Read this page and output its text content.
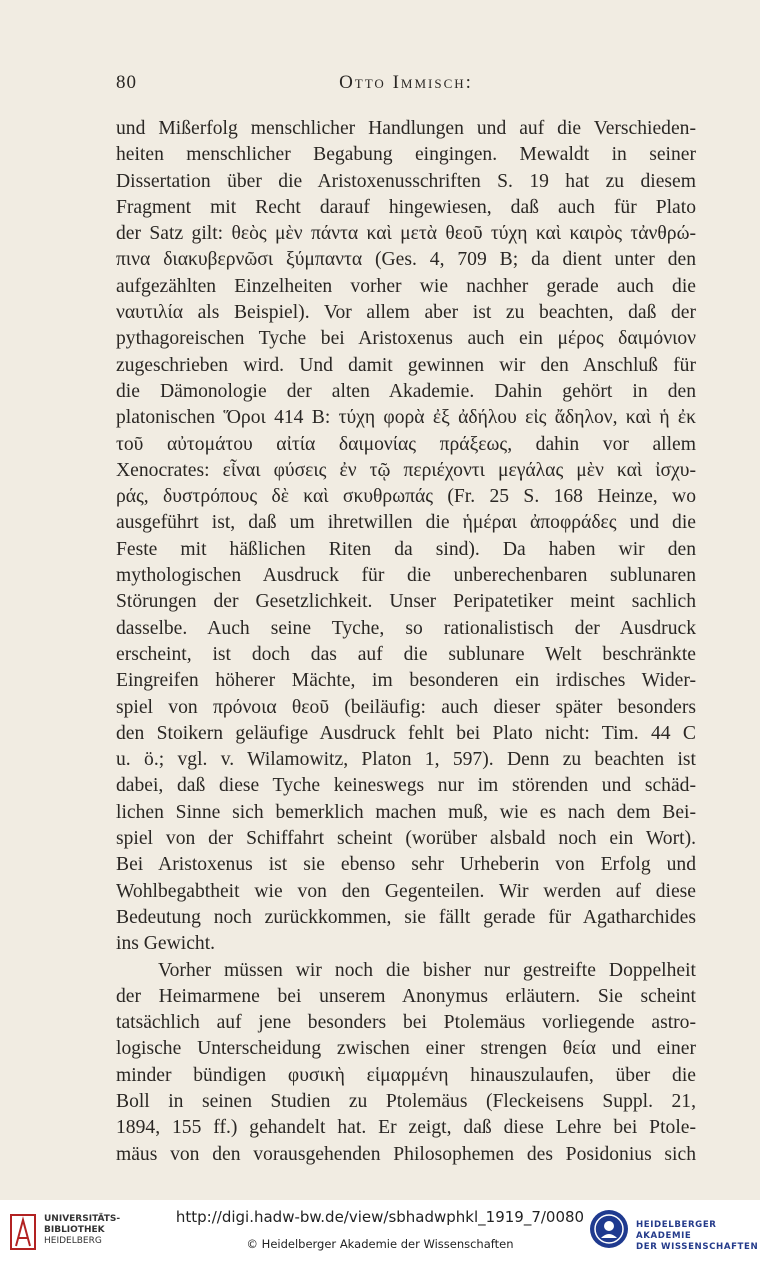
80	Otto Immisch:
und Mißerfolg menschlicher Handlungen und auf die Verschieden-
heiten menschlicher Begabung eingingen. Mewaldt in seiner
Dissertation über die Aristoxenusschriften S. 19 hat zu diesem
Fragment mit Recht darauf hingewiesen, daß auch für Plato
der Satz gilt: θεὸς μὲν πάντα καὶ μετὰ θεοῦ τύχη καὶ καιρὸς τἀνθρώ-
πινα διακυβερνῶσι ξύμπαντα (Ges. 4, 709 B; da dient unter den
aufgezählten Einzelheiten vorher wie nachher gerade auch die
ναυτιλία als Beispiel). Vor allem aber ist zu beachten, daß der
pythagoreischen Tyche bei Aristoxenus auch ein μέρος δαιμόνιον
zugeschrieben wird. Und damit gewinnen wir den Anschluß für
die Dämonologie der alten Akademie. Dahin gehört in den
platonischen Ὅροι 414 B: τύχη φορὰ ἐξ ἀδήλου εἰς ἄδηλον, καὶ ἡ ἐκ
τοῦ αὐτομάτου αἰτία δαιμονίας πράξεως, dahin vor allem
Xenocrates: εἶναι φύσεις ἐν τῷ περιέχοντι μεγάλας μὲν καὶ ἰσχυ-
ράς, δυστρόπους δὲ καὶ σκυθρωπάς (Fr. 25 S. 168 Heinze, wo
ausgeführt ist, daß um ihretwillen die ἡμέραι ἀποφράδες und die
Feste mit häßlichen Riten da sind). Da haben wir den
mythologischen Ausdruck für die unberechenbaren sublunaren
Störungen der Gesetzlichkeit. Unser Peripatetiker meint sachlich
dasselbe. Auch seine Tyche, so rationalistisch der Ausdruck
erscheint, ist doch das auf die sublunare Welt beschränkte
Eingreifen höherer Mächte, im besonderen ein irdisches Wider-
spiel von πρόνοια θεοῦ (beiläufig: auch dieser später besonders
den Stoikern geläufige Ausdruck fehlt bei Plato nicht: Tim. 44 C
u. ö.; vgl. v. Wilamowitz, Platon 1, 597). Denn zu beachten ist
dabei, daß diese Tyche keineswegs nur im störenden und schäd-
lichen Sinne sich bemerklich machen muß, wie es nach dem Bei-
spiel von der Schiffahrt scheint (worüber alsbald noch ein Wort).
Bei Aristoxenus ist sie ebenso sehr Urheberin von Erfolg und
Wohlbegabtheit wie von den Gegenteilen. Wir werden auf diese
Bedeutung noch zurückkommen, sie fällt gerade für Agatharchides
ins Gewicht.
Vorher müssen wir noch die bisher nur gestreifte Doppelheit
der Heimarmene bei unserem Anonymus erläutern. Sie scheint
tatsächlich auf jene besonders bei Ptolemäus vorliegende astro-
logische Unterscheidung zwischen einer strengen θεία und einer
minder bündigen φυσικὴ εἱμαρμένη hinauszulaufen, über die
Boll in seinen Studien zu Ptolemäus (Fleckeisens Suppl. 21,
1894, 155 ff.) gehandelt hat. Er zeigt, daß diese Lehre bei Ptole-
mäus von den vorausgehenden Philosophemen des Posidonius sich
UNIVERSITÄTS-
BIBLIOTHEK
HEIDELBERG
http://digi.hadw-bw.de/view/sbhadwphkl_1919_7/0080
© Heidelberger Akademie der Wissenschaften
HEIDELBERGER AKADEMIE
DER WISSENSCHAFTEN
